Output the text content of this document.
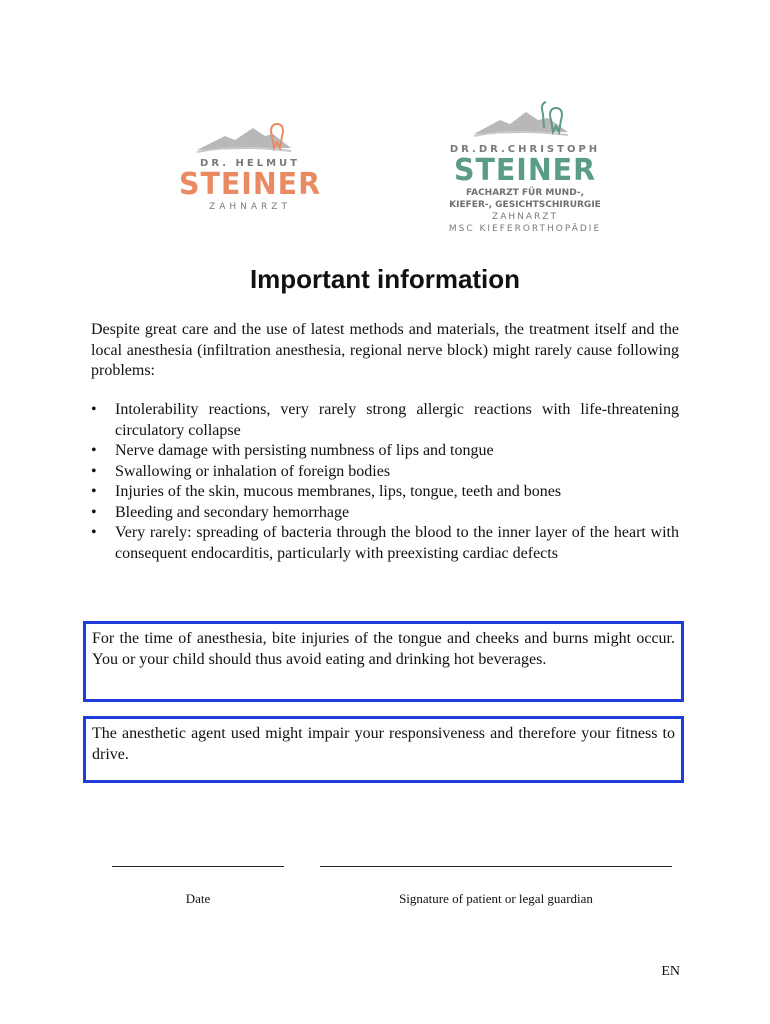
DR. HELMUT
STEINER
ZAHNARZT
DR.DR.CHRISTOPH
STEINER
FACHARZT FÜR MUND-,
KIEFER-, GESICHTSCHIRURGIE
ZAHNARZT
MSC KIEFERORTHOPÄDIE
Important information

Despite great care and the use of latest methods and materials, the treatment itself and the local anesthesia (infiltration anesthesia, regional nerve block) might rarely cause following problems:

• Intolerability reactions, very rarely strong allergic reactions with life-threatening circulatory collapse
• Nerve damage with persisting numbness of lips and tongue
• Swallowing or inhalation of foreign bodies
• Injuries of the skin, mucous membranes, lips, tongue, teeth and bones
• Bleeding and secondary hemorrhage
• Very rarely: spreading of bacteria through the blood to the inner layer of the heart with consequent endocarditis, particularly with preexisting cardiac defects
For the time of anesthesia, bite injuries of the tongue and cheeks and burns might occur. You or your child should thus avoid eating and drinking hot beverages.
The anesthetic agent used might impair your responsiveness and therefore your fitness to drive.
Date	Signature of patient or legal guardian
EN
